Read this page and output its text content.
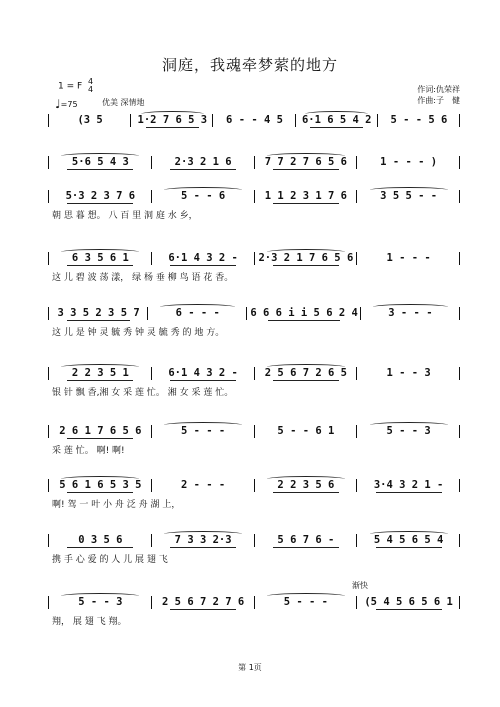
洞庭，我魂牵梦萦的地方
作词:仇荣祥
作曲:子　健
1 = F 4
4
♩=75	优美 深情地
渐快
(3 5	1·2 7 6 5 3 6 - - 4 5 6·1 6 5 4 2 5 - - 5 6
5·6 5 4 3	2·3 2 1 6	7 7 2 7 6 5 6	1 - - - )
5·3 2 3 7 6	5 - - 6	1 1 2 3 1 7 6	3 5 5 - -
朝 思 暮 想。 八 百 里 洞 庭 水 乡，
6 3 5 6 1	6·1 4 3 2 - 2·3 2 1 7 6 5 6	1 - - -
这 儿 碧 波 荡 漾， 绿 杨 垂 柳 鸟 语 花 香。
3 3 5 2 3 5 7	6 - - -	6 6 6 i i 5 6 2 4	3 - - -
这 儿 是 钟 灵 毓 秀 钟 灵 毓 秀 的 地 方。
2 2 3 5 1	6·1 4 3 2 -	2 5 6 7 2 6 5	1 - - 3
银 针 飘 香,湘 女 采 莲 忙。 湘 女 采 莲 忙。
2 6 1 7 6 5 6	5 - - -	5 - - 6 1	5 - - 3
采 莲 忙。 啊! 啊!
5 6 1 6 5 3 5	2 - - -	2 2 3 5 6	3·4 3 2 1 -
啊! 驾 一 叶 小 舟 泛 舟 湖 上，
0 3 5 6	7 3 3 2·3	5 6 7 6 -	5 4 5 6 5 4
携 手 心 爱 的 人 儿 展 翅 飞
5 - - 3	2 5 6 7 2 7 6	5 - - -	(5 4 5 6 5 6 1
翔， 展 翅 飞 翔。
第 1页
